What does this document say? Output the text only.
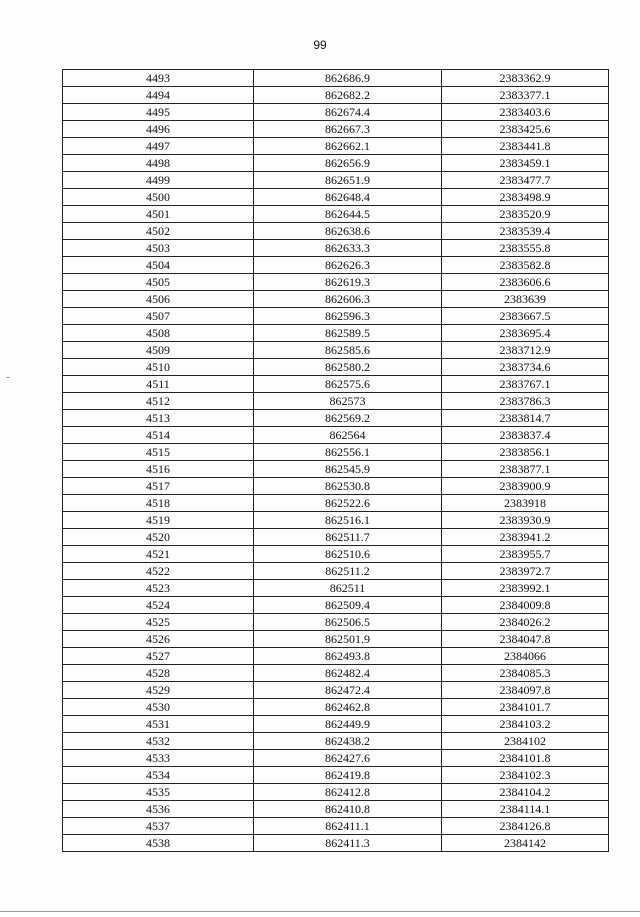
99
4493	862686.9	2383362.9
4494	862682.2	2383377.1
4495	862674.4	2383403.6
4496	862667.3	2383425.6
4497	862662.1	2383441.8
4498	862656.9	2383459.1
4499	862651.9	2383477.7
4500	862648.4	2383498.9
4501	862644.5	2383520.9
4502	862638.6	2383539.4
4503	862633.3	2383555.8
4504	862626.3	2383582.8
4505	862619.3	2383606.6
4506	862606.3	2383639
4507	862596.3	2383667.5
4508	862589.5	2383695.4
4509	862585.6	2383712.9
4510	862580.2	2383734.6
4511	862575.6	2383767.1
4512	862573	2383786.3
4513	862569.2	2383814.7
4514	862564	2383837.4
4515	862556.1	2383856.1
4516	862545.9	2383877.1
4517	862530.8	2383900.9
4518	862522.6	2383918
4519	862516.1	2383930.9
4520	862511.7	2383941.2
4521	862510.6	2383955.7
4522	862511.2	2383972.7
4523	862511	2383992.1
4524	862509.4	2384009.8
4525	862506.5	2384026.2
4526	862501.9	2384047.8
4527	862493.8	2384066
4528	862482.4	2384085.3
4529	862472.4	2384097.8
4530	862462.8	2384101.7
4531	862449.9	2384103.2
4532	862438.2	2384102
4533	862427.6	2384101.8
4534	862419.8	2384102.3
4535	862412.8	2384104.2
4536	862410.8	2384114.1
4537	862411.1	2384126.8
4538	862411.3	2384142
